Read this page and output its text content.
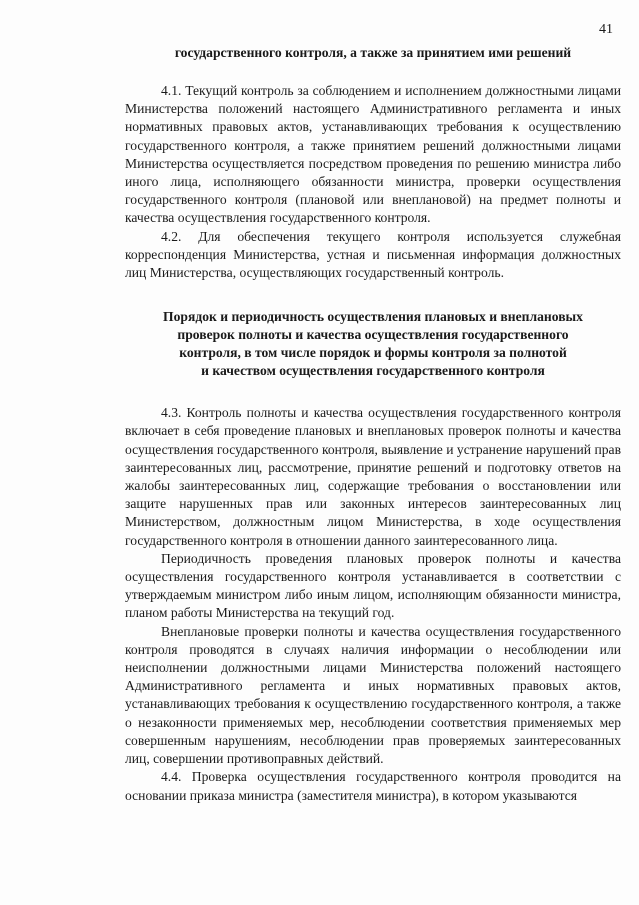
41

государственного контроля, а также за принятием ими решений

4.1. Текущий контроль за соблюдением и исполнением должностными лицами Министерства положений настоящего Административного регламента и иных нормативных правовых актов, устанавливающих требования к осуществлению государственного контроля, а также принятием решений должностными лицами Министерства осуществляется посредством проведения по решению министра либо иного лица, исполняющего обязанности министра, проверки осуществления государственного контроля (плановой или внеплановой) на предмет полноты и качества осуществления государственного контроля.

4.2. Для обеспечения текущего контроля используется служебная корреспонденция Министерства, устная и письменная информация должностных лиц Министерства, осуществляющих государственный контроль.

Порядок и периодичность осуществления плановых и внеплановых
проверок полноты и качества осуществления государственного
контроля, в том числе порядок и формы контроля за полнотой
и качеством осуществления государственного контроля

4.3. Контроль полноты и качества осуществления государственного контроля включает в себя проведение плановых и внеплановых проверок полноты и качества осуществления государственного контроля, выявление и устранение нарушений прав заинтересованных лиц, рассмотрение, принятие решений и подготовку ответов на жалобы заинтересованных лиц, содержащие требования о восстановлении или защите нарушенных прав или законных интересов заинтересованных лиц Министерством, должностным лицом Министерства, в ходе осуществления государственного контроля в отношении данного заинтересованного лица.

Периодичность проведения плановых проверок полноты и качества осуществления государственного контроля устанавливается в соответствии с утверждаемым министром либо иным лицом, исполняющим обязанности министра, планом работы Министерства на текущий год.

Внеплановые проверки полноты и качества осуществления государственного контроля проводятся в случаях наличия информации о несоблюдении или неисполнении должностными лицами Министерства положений настоящего Административного регламента и иных нормативных правовых актов, устанавливающих требования к осуществлению государственного контроля, а также о незаконности применяемых мер, несоблюдении соответствия применяемых мер совершенным нарушениям, несоблюдении прав проверяемых заинтересованных лиц, совершении противоправных действий.

4.4. Проверка осуществления государственного контроля проводится на основании приказа министра (заместителя министра), в котором указываются
